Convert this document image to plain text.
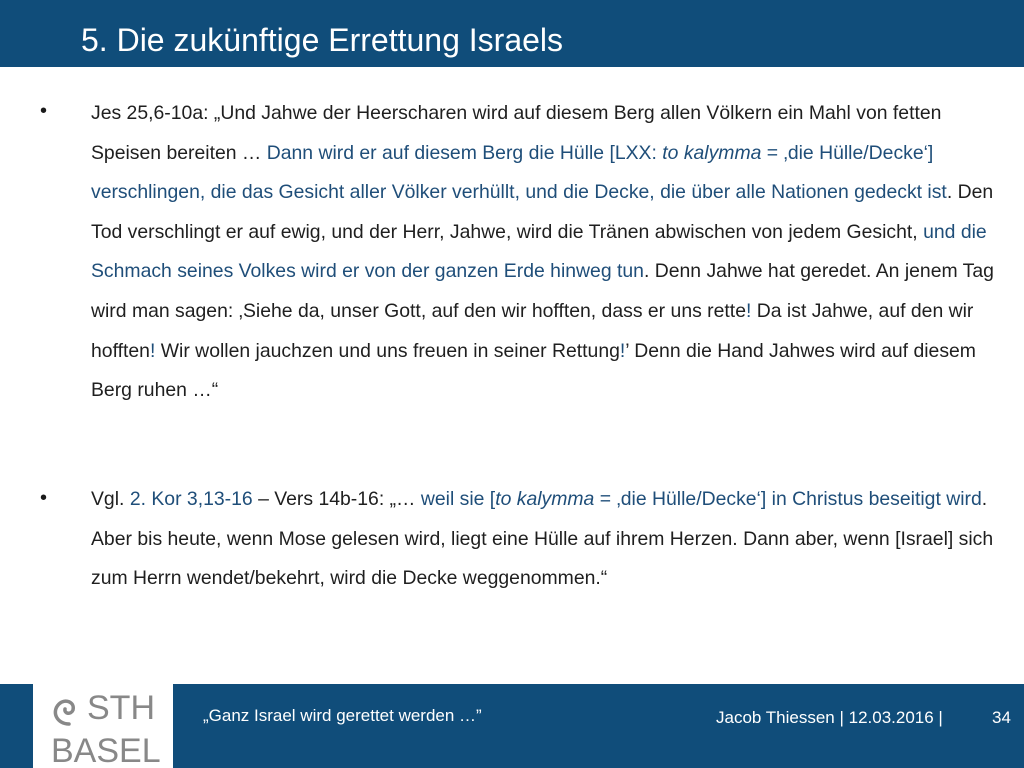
5. Die zukünftige Errettung Israels
• Jes 25,6-10a: „Und Jahwe der Heerscharen wird auf diesem Berg allen Völkern ein Mahl von fetten Speisen bereiten … Dann wird er auf diesem Berg die Hülle [LXX: to kalymma = ‚die Hülle/Decke‘] verschlingen, die das Gesicht aller Völker verhüllt, und die Decke, die über alle Nationen gedeckt ist. Den Tod verschlingt er auf ewig, und der Herr, Jahwe, wird die Tränen abwischen von jedem Gesicht, und die Schmach seines Volkes wird er von der ganzen Erde hinweg tun. Denn Jahwe hat geredet. An jenem Tag wird man sagen: ‚Siehe da, unser Gott, auf den wir hofften, dass er uns rette! Da ist Jahwe, auf den wir hofften! Wir wollen jauchzen und uns freuen in seiner Rettung!’ Denn die Hand Jahwes wird auf diesem Berg ruhen …“
• Vgl. 2. Kor 3,13-16 – Vers 14b-16: „… weil sie [to kalymma = ‚die Hülle/Decke‘] in Christus beseitigt wird. Aber bis heute, wenn Mose gelesen wird, liegt eine Hülle auf ihrem Herzen. Dann aber, wenn [Israel] sich zum Herrn wendet/bekehrt, wird die Decke weggenommen.“
STH
BASEL
„Ganz Israel wird gerettet werden …”	Jacob Thiessen | 12.03.2016 |	34
